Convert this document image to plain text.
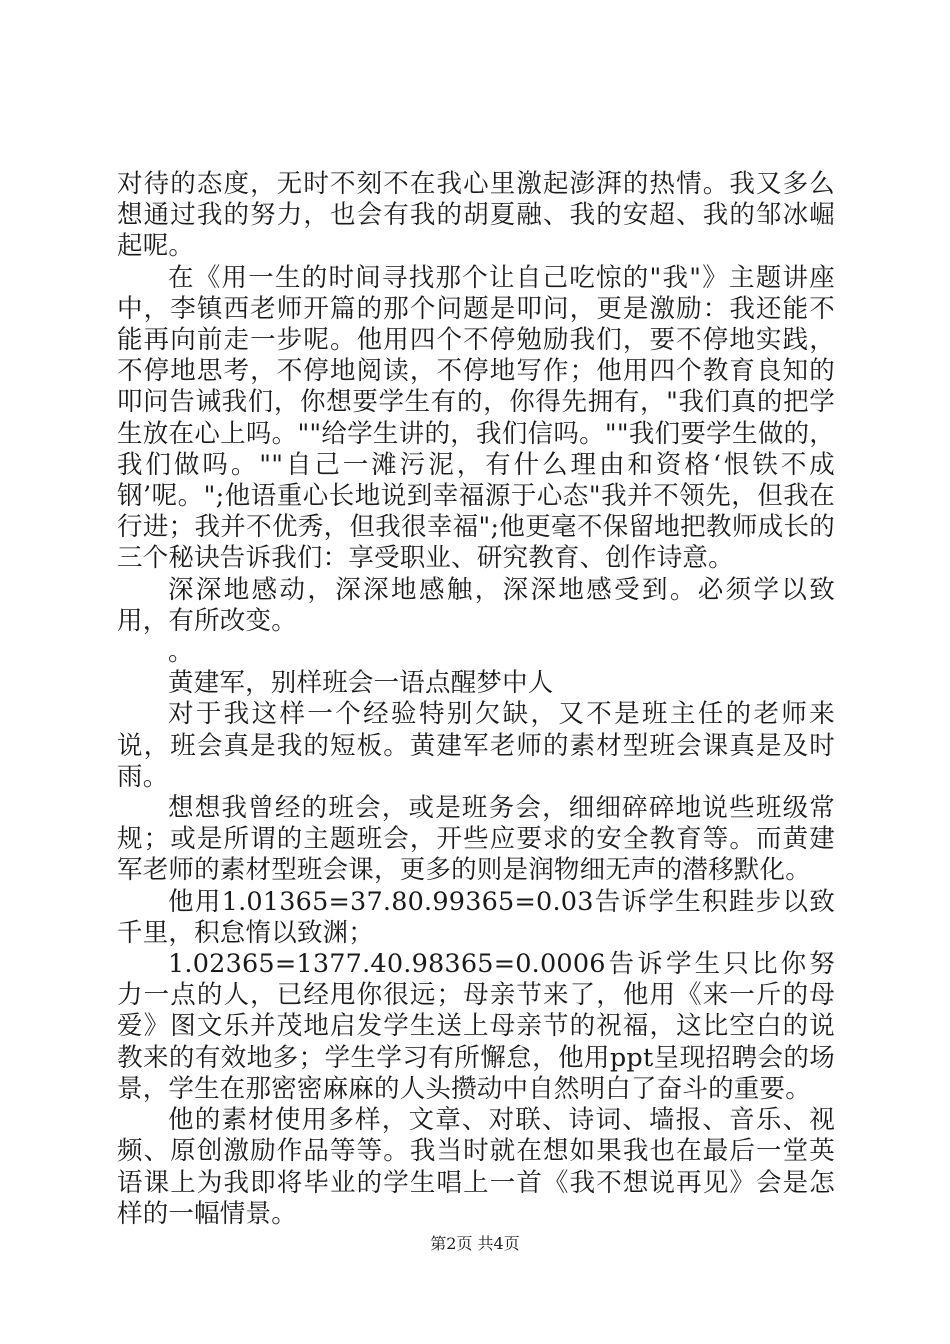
对待的态度，无时不刻不在我心里激起澎湃的热情。我又多么想通过我的努力，也会有我的胡夏融、我的安超、我的邹冰崛起呢。

在《用一生的时间寻找那个让自己吃惊的"我"》主题讲座中，李镇西老师开篇的那个问题是叩问，更是激励：我还能不能再向前走一步呢。他用四个不停勉励我们，要不停地实践，不停地思考，不停地阅读，不停地写作；他用四个教育良知的叩问告诫我们，你想要学生有的，你得先拥有，"我们真的把学生放在心上吗。""给学生讲的，我们信吗。""我们要学生做的，我们做吗。""自己一滩污泥，有什么理由和资格‘恨铁不成钢’呢。";他语重心长地说到幸福源于心态"我并不领先，但我在行进；我并不优秀，但我很幸福";他更毫不保留地把教师成长的三个秘诀告诉我们：享受职业、研究教育、创作诗意。

深深地感动，深深地感触，深深地感受到。必须学以致用，有所改变。

。

黄建军，别样班会一语点醒梦中人

对于我这样一个经验特别欠缺，又不是班主任的老师来说，班会真是我的短板。黄建军老师的素材型班会课真是及时雨。

想想我曾经的班会，或是班务会，细细碎碎地说些班级常规；或是所谓的主题班会，开些应要求的安全教育等。而黄建军老师的素材型班会课，更多的则是润物细无声的潜移默化。

他用1.01365=37.80.99365=0.03告诉学生积跬步以致千里，积怠惰以致渊；

1.02365=1377.40.98365=0.0006告诉学生只比你努力一点的人，已经甩你很远；母亲节来了，他用《来一斤的母爱》图文乐并茂地启发学生送上母亲节的祝福，这比空白的说教来的有效地多；学生学习有所懈怠，他用ppt呈现招聘会的场景，学生在那密密麻麻的人头攒动中自然明白了奋斗的重要。

他的素材使用多样，文章、对联、诗词、墙报、音乐、视频、原创激励作品等等。我当时就在想如果我也在最后一堂英语课上为我即将毕业的学生唱上一首《我不想说再见》会是怎样的一幅情景。

第2页 共4页
